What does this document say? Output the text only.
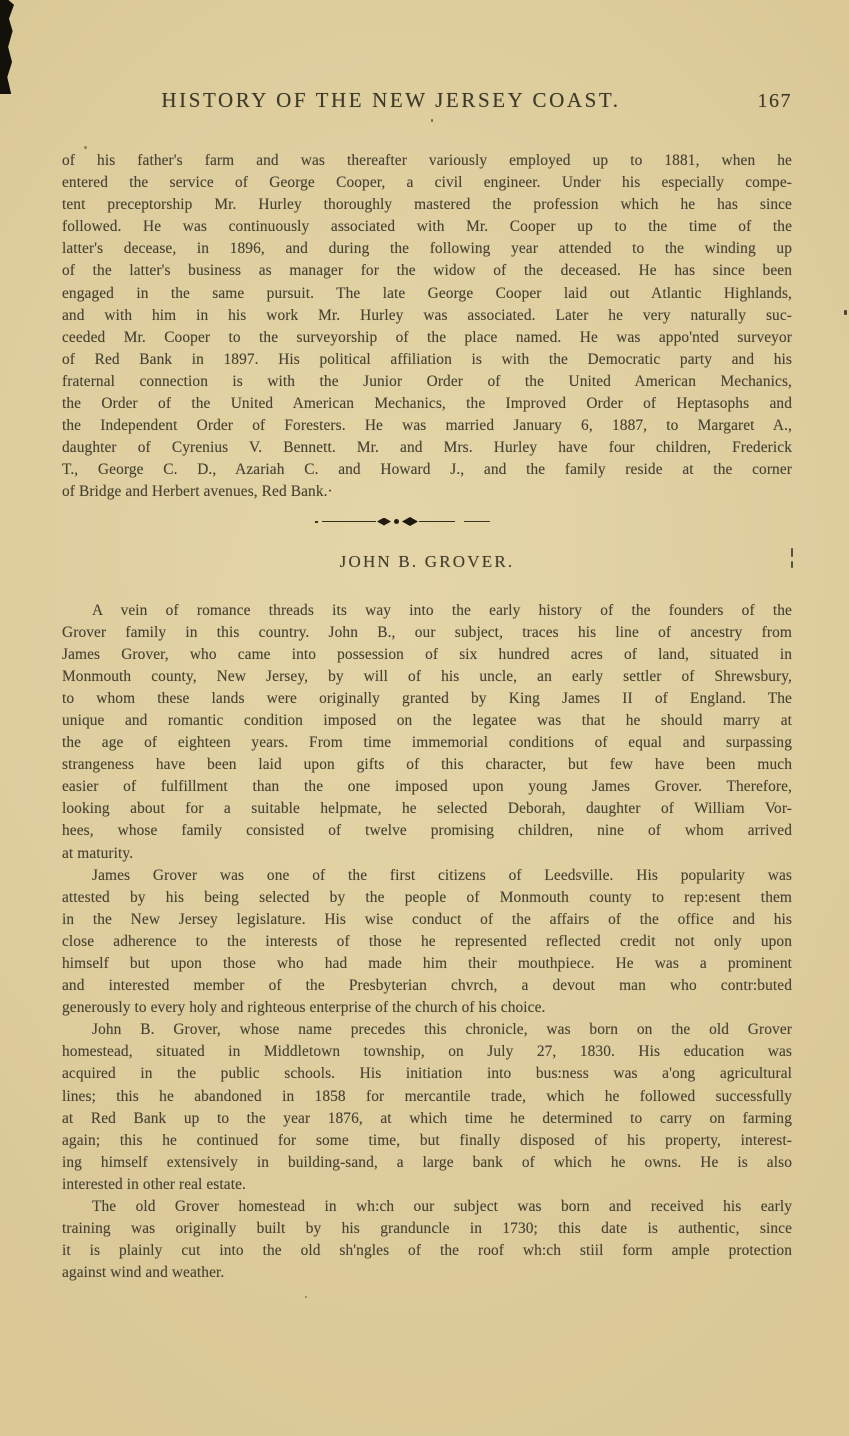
HISTORY OF THE NEW JERSEY COAST.	167
of his father's farm and was thereafter variously employed up to 1881, when he
entered the service of George Cooper, a civil engineer. Under his especially compe-
tent preceptorship Mr. Hurley thoroughly mastered the profession which he has since
followed. He was continuously associated with Mr. Cooper up to the time of the
latter's decease, in 1896, and during the following year attended to the winding up
of the latter's business as manager for the widow of the deceased. He has since been
engaged in the same pursuit. The late George Cooper laid out Atlantic Highlands,
and with him in his work Mr. Hurley was associated. Later he very naturally suc-
ceeded Mr. Cooper to the surveyorship of the place named. He was appo'nted surveyor
of Red Bank in 1897. His political affiliation is with the Democratic party and his
fraternal connection is with the Junior Order of the United American Mechanics,
the Order of the United American Mechanics, the Improved Order of Heptasophs and
the Independent Order of Foresters. He was married January 6, 1887, to Margaret A.,
daughter of Cyrenius V. Bennett. Mr. and Mrs. Hurley have four children, Frederick
T., George C. D., Azariah C. and Howard J., and the family reside at the corner
of Bridge and Herbert avenues, Red Bank.·
JOHN B. GROVER.
A vein of romance threads its way into the early history of the founders of the
Grover family in this country. John B., our subject, traces his line of ancestry from
James Grover, who came into possession of six hundred acres of land, situated in
Monmouth county, New Jersey, by will of his uncle, an early settler of Shrewsbury,
to whom these lands were originally granted by King James II of England. The
unique and romantic condition imposed on the legatee was that he should marry at
the age of eighteen years. From time immemorial conditions of equal and surpassing
strangeness have been laid upon gifts of this character, but few have been much
easier of fulfillment than the one imposed upon young James Grover. Therefore,
looking about for a suitable helpmate, he selected Deborah, daughter of William Vor-
hees, whose family consisted of twelve promising children, nine of whom arrived
at maturity.
James Grover was one of the first citizens of Leedsville. His popularity was
attested by his being selected by the people of Monmouth county to rep:esent them
in the New Jersey legislature. His wise conduct of the affairs of the office and his
close adherence to the interests of those he represented reflected credit not only upon
himself but upon those who had made him their mouthpiece. He was a prominent
and interested member of the Presbyterian chvrch, a devout man who contr:buted
generously to every holy and righteous enterprise of the church of his choice.
John B. Grover, whose name precedes this chronicle, was born on the old Grover
homestead, situated in Middletown township, on July 27, 1830. His education was
acquired in the public schools. His initiation into bus:ness was a'ong agricultural
lines; this he abandoned in 1858 for mercantile trade, which he followed successfully
at Red Bank up to the year 1876, at which time he determined to carry on farming
again; this he continued for some time, but finally disposed of his property, interest-
ing himself extensively in building-sand, a large bank of which he owns. He is also
interested in other real estate.
The old Grover homestead in wh:ch our subject was born and received his early
training was originally built by his granduncle in 1730; this date is authentic, since
it is plainly cut into the old sh'ngles of the roof wh:ch stiil form ample protection
against wind and weather.
